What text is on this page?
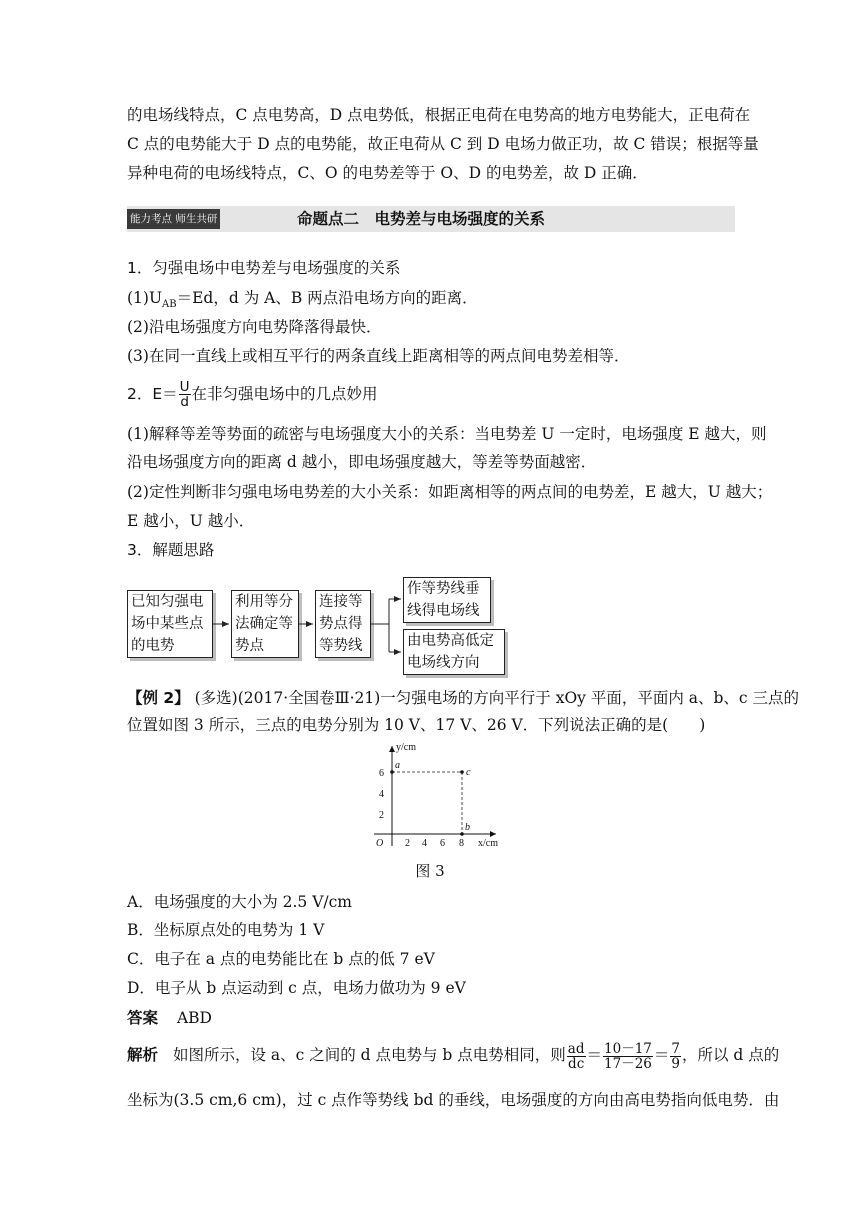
的电场线特点，C 点电势高，D 点电势低，根据正电荷在电势高的地方电势能大，正电荷在
C 点的电势能大于 D 点的电势能，故正电荷从 C 到 D 电场力做正功，故 C 错误；根据等量
异种电荷的电场线特点，C、O 的电势差等于 O、D 的电势差，故 D 正确．
能力考点 师生共研	命题点二　电势差与电场强度的关系
1．匀强电场中电势差与电场强度的关系
$(1)U_{AB}=Ed$，d 为 A、B 两点沿电场方向的距离．
(2)沿电场强度方向电势降落得最快．
(3)在同一直线上或相互平行的两条直线上距离相等的两点间电势差相等．
2．$E= \frac{U}{d}$ 在非匀强电场中的几点妙用
(1)解释等差等势面的疏密与电场强度大小的关系：当电势差 U 一定时，电场强度 E 越大，则
沿电场强度方向的距离 d 越小，即电场强度越大，等差等势面越密．
(2)定性判断非匀强电场电势差的大小关系：如距离相等的两点间的电势差，E 越大，U 越大；
E 越小，U 越小．
3．解题思路
已知匀强电
场中某些点
的电势
利用等分
法确定等
势点
连接等
势点得
等势线
作等势线垂
线得电场线
由电势高低定
电场线方向
【例 2】 (多选)(2017·全国卷Ⅲ·21)一匀强电场的方向平行于 xOy 平面，平面内 a、b、c 三点的
位置如图 3 所示，三点的电势分别为 10 V、17 V、26 V．下列说法正确的是(　　)
y/cm
x/cm
O
6
4
2
2 4 6 8
a
c
b
图 3
A．电场强度的大小为 2.5 V/cm
B．坐标原点处的电势为 1 V
C．电子在 a 点的电势能比在 b 点的低 7 eV
D．电子从 b 点运动到 c 点，电场力做功为 9 eV
答案 ABD
解析 如图所示，设 a、c 之间的 d 点电势与 b 点电势相同，则 $\frac{ad}{dc} = \frac{10-17}{17-26} = \frac{7}{9}$ ，所以 d 点的
坐标为(3.5 cm,6 cm)，过 c 点作等势线 bd 的垂线，电场强度的方向由高电势指向低电势．由
